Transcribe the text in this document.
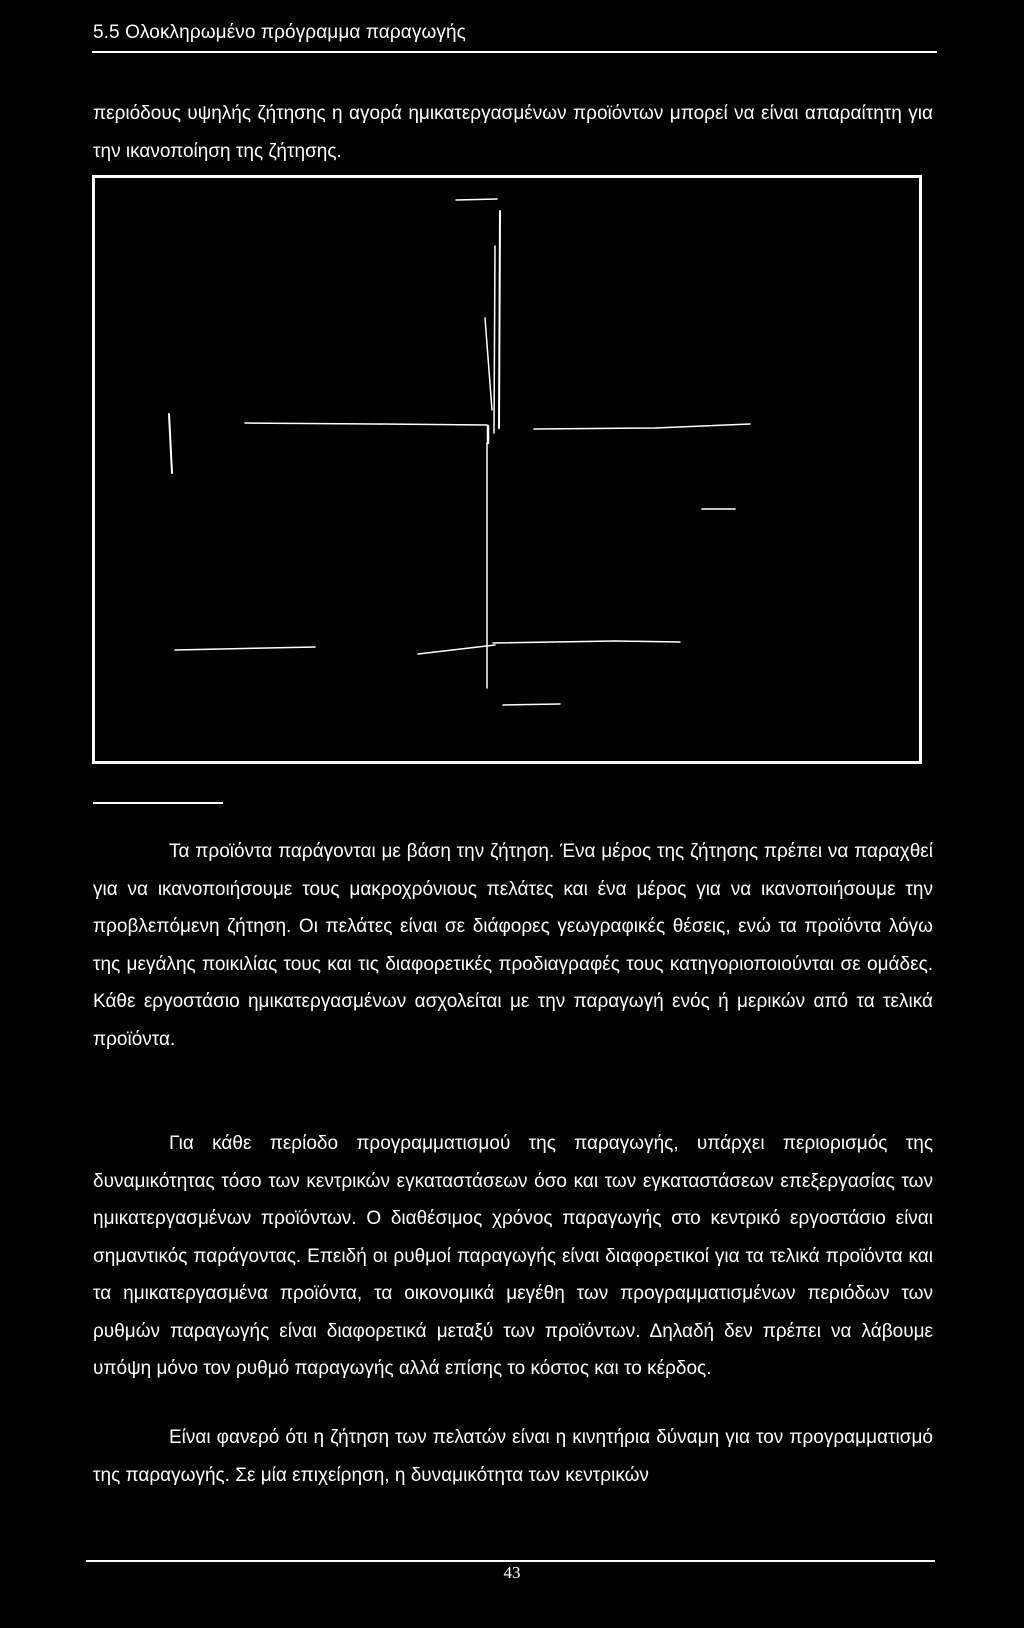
5.5 Ολοκληρωμένο πρόγραμμα παραγωγής

περιόδους υψηλής ζήτησης η αγορά ημικατεργασμένων προϊόντων μπορεί να είναι απαραίτητη για την ικανοποίηση της ζήτησης.

Τα προϊόντα παράγονται με βάση την ζήτηση. Ένα μέρος της ζήτησης πρέπει να παραχθεί για να ικανοποιήσουμε τους μακροχρόνιους πελάτες και ένα μέρος για να ικανοποιήσουμε την προβλεπόμενη ζήτηση. Οι πελάτες είναι σε διάφορες γεωγραφικές θέσεις, ενώ τα προϊόντα λόγω της μεγάλης ποικιλίας τους και τις διαφορετικές προδιαγραφές τους κατηγοριοποιούνται σε ομάδες. Κάθε εργοστάσιο ημικατεργασμένων ασχολείται με την παραγωγή ενός ή μερικών από τα τελικά προϊόντα.

Για κάθε περίοδο προγραμματισμού της παραγωγής, υπάρχει περιορισμός της δυναμικότητας τόσο των κεντρικών εγκαταστάσεων όσο και των εγκαταστάσεων επεξεργασίας των ημικατεργασμένων προϊόντων. Ο διαθέσιμος χρόνος παραγωγής στο κεντρικό εργοστάσιο είναι σημαντικός παράγοντας. Επειδή οι ρυθμοί παραγωγής είναι διαφορετικοί για τα τελικά προϊόντα και τα ημικατεργασμένα προϊόντα, τα οικονομικά μεγέθη των προγραμματισμένων περιόδων των ρυθμών παραγωγής είναι διαφορετικά μεταξύ των προϊόντων. Δηλαδή δεν πρέπει να λάβουμε υπόψη μόνο τον ρυθμό παραγωγής αλλά επίσης το κόστος και το κέρδος.

Είναι φανερό ότι η ζήτηση των πελατών είναι η κινητήρια δύναμη για τον προγραμματισμό της παραγωγής. Σε μία επιχείρηση, η δυναμικότητα των κεντρικών

43
